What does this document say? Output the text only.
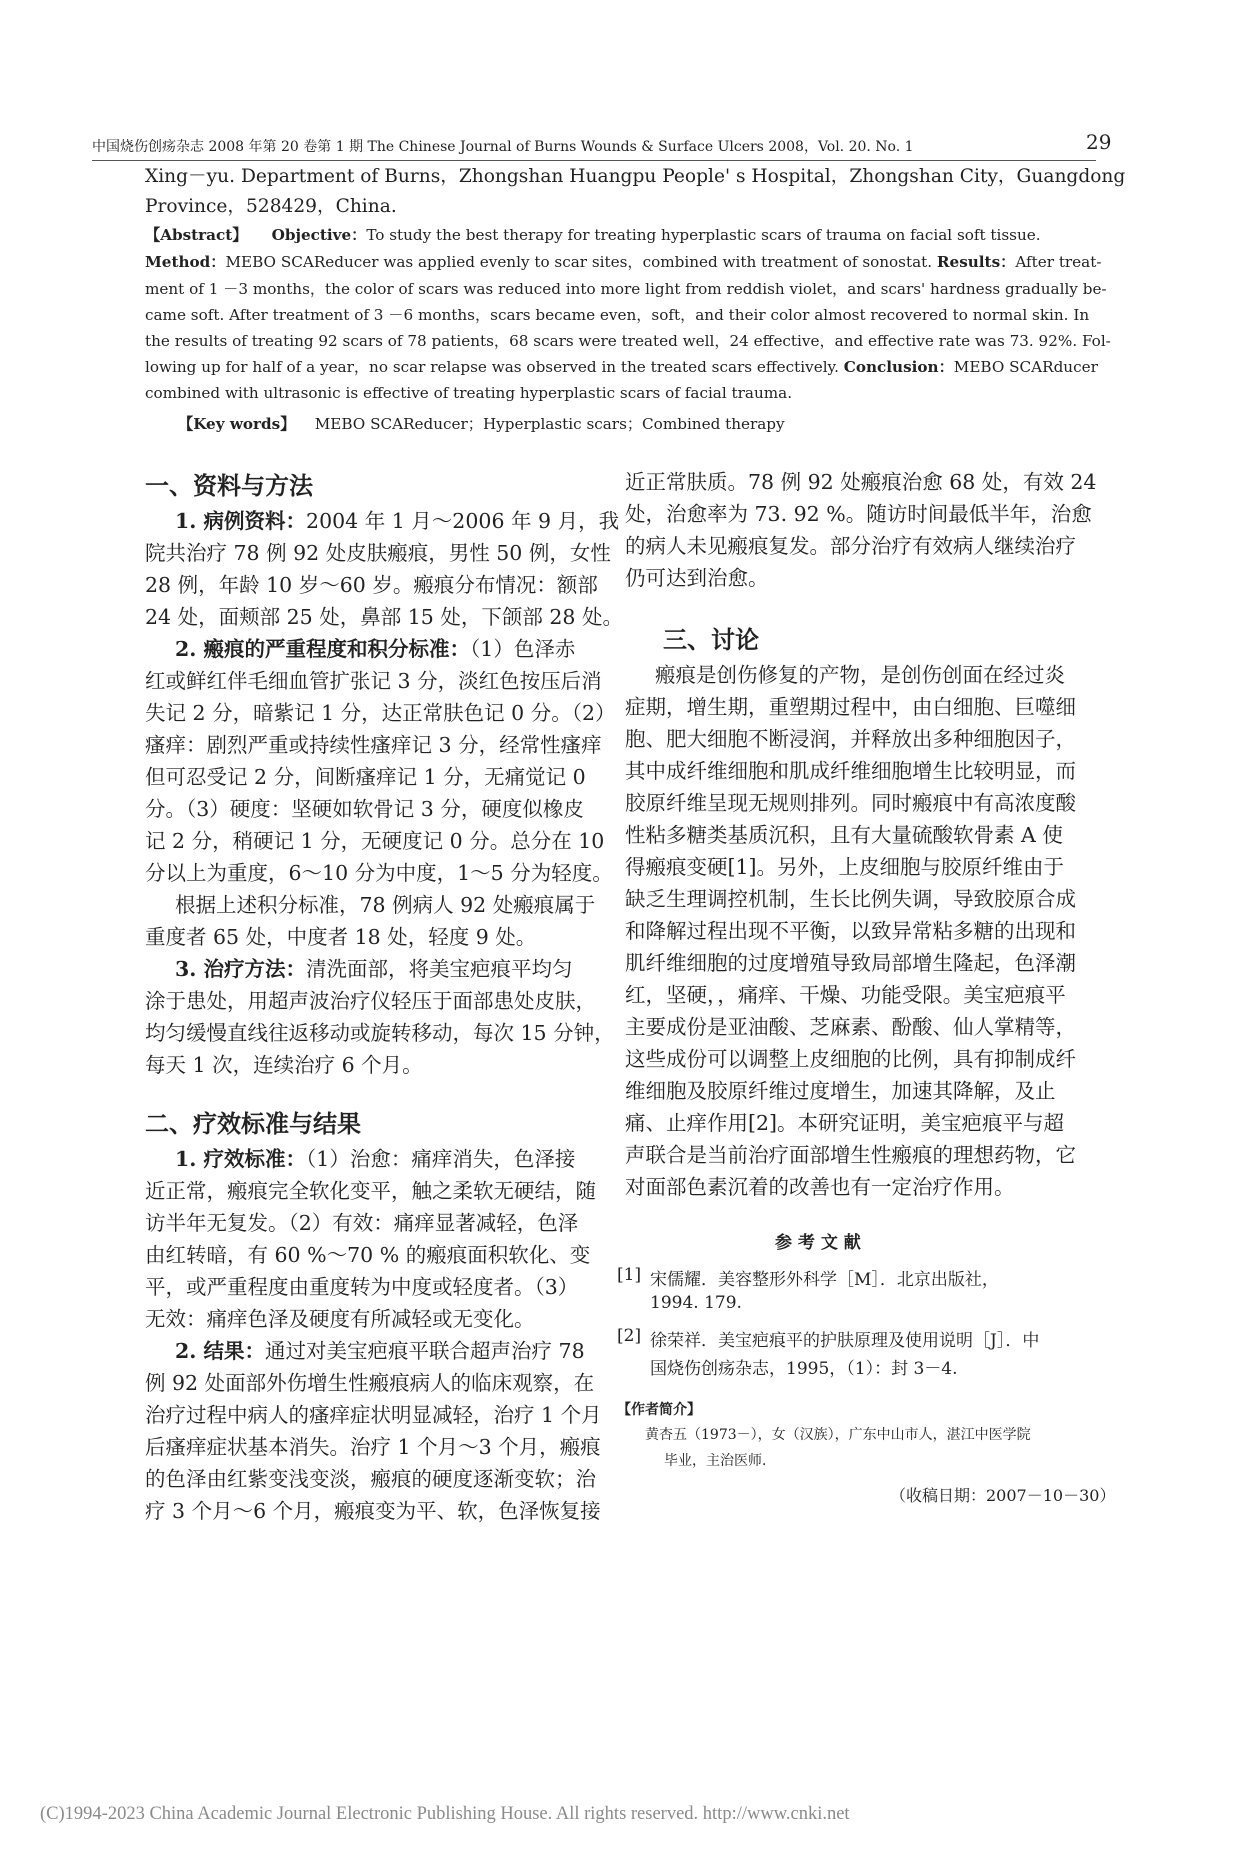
中国烧伤创疡杂志 2008 年第 20 卷第 1 期 The Chinese Journal of Burns Wounds & Surface Ulcers 2008，Vol. 20. No. 1	29
Xing－yu. Department of Burns，Zhongshan Huangpu People' s Hospital，Zhongshan City，Guangdong
Province，528429，China.
【Abstract】 Objective：To study the best therapy for treating hyperplastic scars of trauma on facial soft tissue.
Method：MEBO SCAReducer was applied evenly to scar sites，combined with treatment of sonostat. Results：After treat-
ment of 1 －3 months，the color of scars was reduced into more light from reddish violet，and scars' hardness gradually be-
came soft. After treatment of 3 －6 months，scars became even，soft，and their color almost recovered to normal skin. In
the results of treating 92 scars of 78 patients，68 scars were treated well，24 effective，and effective rate was 73. 92%. Fol-
lowing up for half of a year，no scar relapse was observed in the treated scars effectively. Conclusion：MEBO SCARducer
combined with ultrasonic is effective of treating hyperplastic scars of facial trauma.
【Key words】 MEBO SCAReducer；Hyperplastic scars；Combined therapy
一、资料与方法
1. 病例资料：2004 年 1 月～2006 年 9 月，我
院共治疗 78 例 92 处皮肤瘢痕，男性 50 例，女性
28 例，年龄 10 岁～60 岁。瘢痕分布情况：额部
24 处，面颊部 25 处，鼻部 15 处，下颌部 28 处。
2. 瘢痕的严重程度和积分标准：（1）色泽赤
红或鲜红伴毛细血管扩张记 3 分，淡红色按压后消
失记 2 分，暗紫记 1 分，达正常肤色记 0 分。（2）
瘙痒：剧烈严重或持续性瘙痒记 3 分，经常性瘙痒
但可忍受记 2 分，间断瘙痒记 1 分，无痛觉记 0
分。（3）硬度：坚硬如软骨记 3 分，硬度似橡皮
记 2 分，稍硬记 1 分，无硬度记 0 分。总分在 10
分以上为重度，6～10 分为中度，1～5 分为轻度。
根据上述积分标准，78 例病人 92 处瘢痕属于
重度者 65 处，中度者 18 处，轻度 9 处。
3. 治疗方法：清洗面部，将美宝疤痕平均匀
涂于患处，用超声波治疗仪轻压于面部患处皮肤，
均匀缓慢直线往返移动或旋转移动，每次 15 分钟，
每天 1 次，连续治疗 6 个月。
二、疗效标准与结果
1. 疗效标准：（1）治愈：痛痒消失，色泽接
近正常，瘢痕完全软化变平，触之柔软无硬结，随
访半年无复发。（2）有效：痛痒显著减轻，色泽
由红转暗，有 60 %～70 % 的瘢痕面积软化、变
平，或严重程度由重度转为中度或轻度者。（3）
无效：痛痒色泽及硬度有所减轻或无变化。
2. 结果：通过对美宝疤痕平联合超声治疗 78
例 92 处面部外伤增生性瘢痕病人的临床观察，在
治疗过程中病人的瘙痒症状明显减轻，治疗 1 个月
后瘙痒症状基本消失。治疗 1 个月～3 个月，瘢痕
的色泽由红紫变浅变淡，瘢痕的硬度逐渐变软；治
疗 3 个月～6 个月，瘢痕变为平、软，色泽恢复接
近正常肤质。78 例 92 处瘢痕治愈 68 处，有效 24
处，治愈率为 73. 92 %。随访时间最低半年，治愈
的病人未见瘢痕复发。部分治疗有效病人继续治疗
仍可达到治愈。
三、讨论
瘢痕是创伤修复的产物，是创伤创面在经过炎
症期，增生期，重塑期过程中，由白细胞、巨噬细
胞、肥大细胞不断浸润，并释放出多种细胞因子，
其中成纤维细胞和肌成纤维细胞增生比较明显，而
胶原纤维呈现无规则排列。同时瘢痕中有高浓度酸
性粘多糖类基质沉积，且有大量硫酸软骨素 A 使
得瘢痕变硬[1]。另外，上皮细胞与胶原纤维由于
缺乏生理调控机制，生长比例失调，导致胶原合成
和降解过程出现不平衡，以致异常粘多糖的出现和
肌纤维细胞的过度增殖导致局部增生隆起，色泽潮
红，坚硬，，痛痒、干燥、功能受限。美宝疤痕平
主要成份是亚油酸、芝麻素、酚酸、仙人掌精等，
这些成份可以调整上皮细胞的比例，具有抑制成纤
维细胞及胶原纤维过度增生，加速其降解，及止
痛、止痒作用[2]。本研究证明，美宝疤痕平与超
声联合是当前治疗面部增生性瘢痕的理想药物，它
对面部色素沉着的改善也有一定治疗作用。
参 考 文 献
[1] 宋儒耀．美容整形外科学［M］．北京出版社，
1994. 179.
[2] 徐荣祥．美宝疤痕平的护肤原理及使用说明［J］．中
国烧伤创疡杂志，1995，（1）：封 3－4.
【作者简介】
黄杏五（1973－），女（汉族），广东中山市人，湛江中医学院
毕业，主治医师．
（收稿日期：2007－10－30）
(C)1994-2023 China Academic Journal Electronic Publishing House. All rights reserved. http://www.cnki.net
